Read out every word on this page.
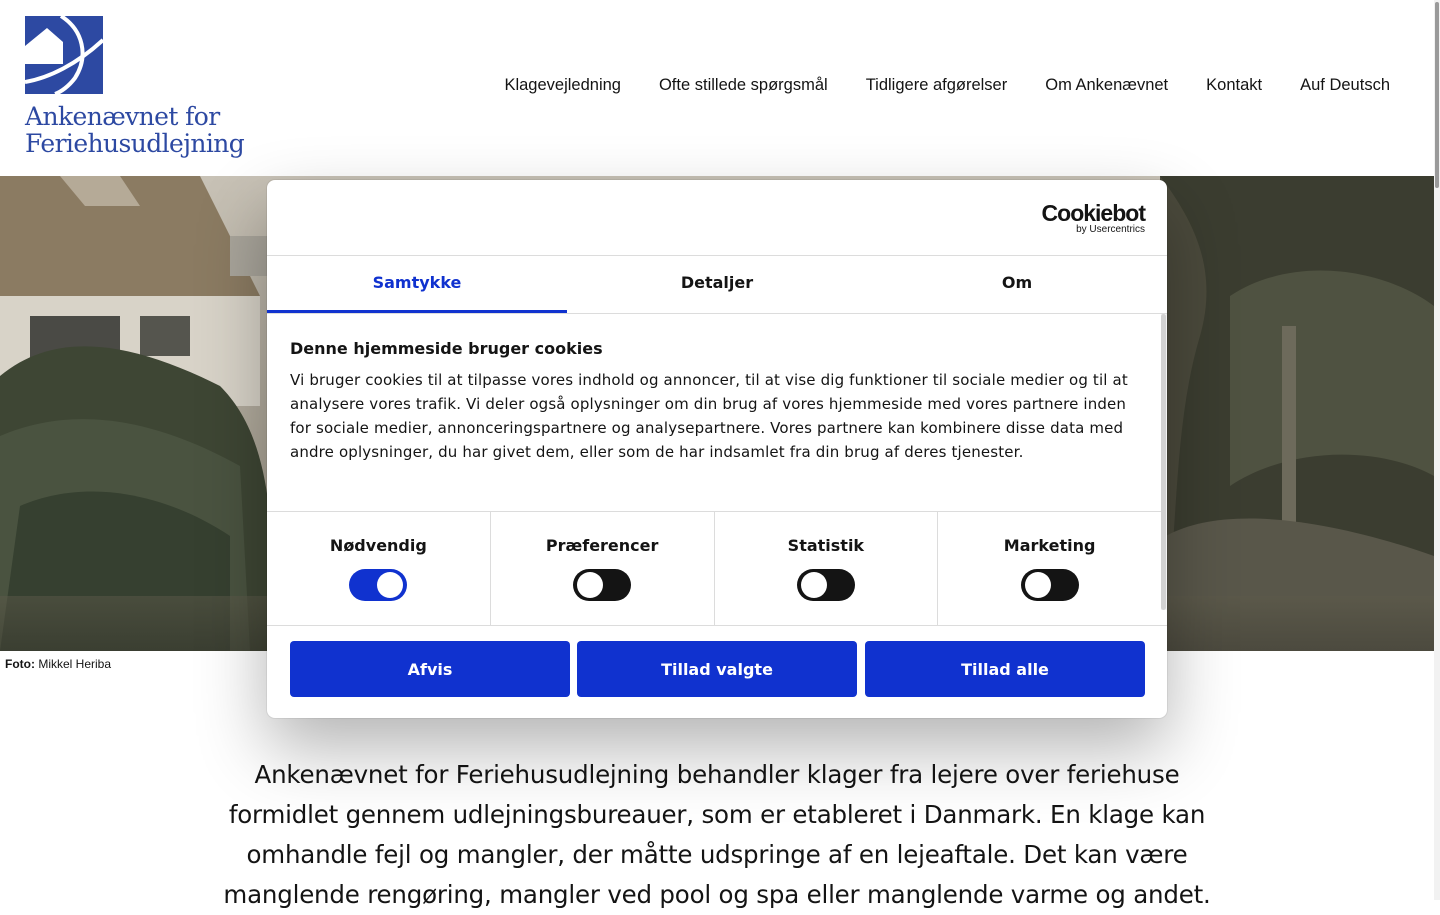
Ankenævnet for
Feriehusudlejning
Klagevejledning Ofte stillede spørgsmål Tidligere afgørelser Om Ankenævnet Kontakt Auf Deutsch
Foto: Mikkel Heriba

Ankenævnet for Feriehusudlejning behandler klager fra lejere over feriehuse formidlet gennem udlejningsbureauer, som er etableret i Danmark. En klage kan omhandle fejl og mangler, der måtte udspringe af en lejeaftale. Det kan være manglende rengøring, mangler ved pool og spa eller manglende varme og andet.

Cookiebot
by Usercentrics
Samtykke	Detaljer	Om
Denne hjemmeside bruger cookies
Vi bruger cookies til at tilpasse vores indhold og annoncer, til at vise dig funktioner til sociale medier og til at analysere vores trafik. Vi deler også oplysninger om din brug af vores hjemmeside med vores partnere inden for sociale medier, annonceringspartnere og analysepartnere. Vores partnere kan kombinere disse data med andre oplysninger, du har givet dem, eller som de har indsamlet fra din brug af deres tjenester.
Nødvendig	Præferencer	Statistik	Marketing
Afvis	Tillad valgte	Tillad alle
